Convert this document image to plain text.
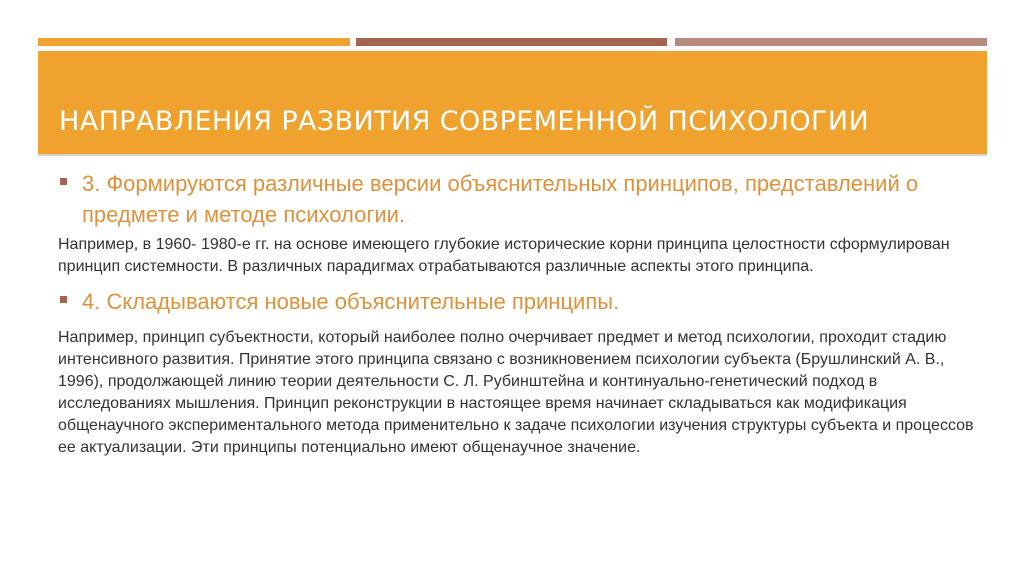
НАПРАВЛЕНИЯ РАЗВИТИЯ СОВРЕМЕННОЙ ПСИХОЛОГИИ

3. Формируются различные версии объяснительных принципов, представлений о предмете и методе психологии.

Например, в 1960- 1980-е гг. на основе имеющего глубокие исторические корни принципа целостности сформулирован принцип системности. В различных парадигмах отрабатываются различные аспекты этого принципа.

4. Складываются новые объяснительные принципы.

Например, принцип субъектности, который наиболее полно очерчивает предмет и метод психологии, проходит стадию интенсивного развития. Принятие этого принципа связано с возникновением психологии субъекта (Брушлинский А. В., 1996), продолжающей линию теории деятельности С. Л. Рубинштейна и континуально-генетический подход в исследованиях мышления. Принцип реконструкции в настоящее время начинает складываться как модификация общенаучного экспериментального метода применительно к задаче психологии изучения структуры субъекта и процессов ее актуализации. Эти принципы потенциально имеют общенаучное значение.
